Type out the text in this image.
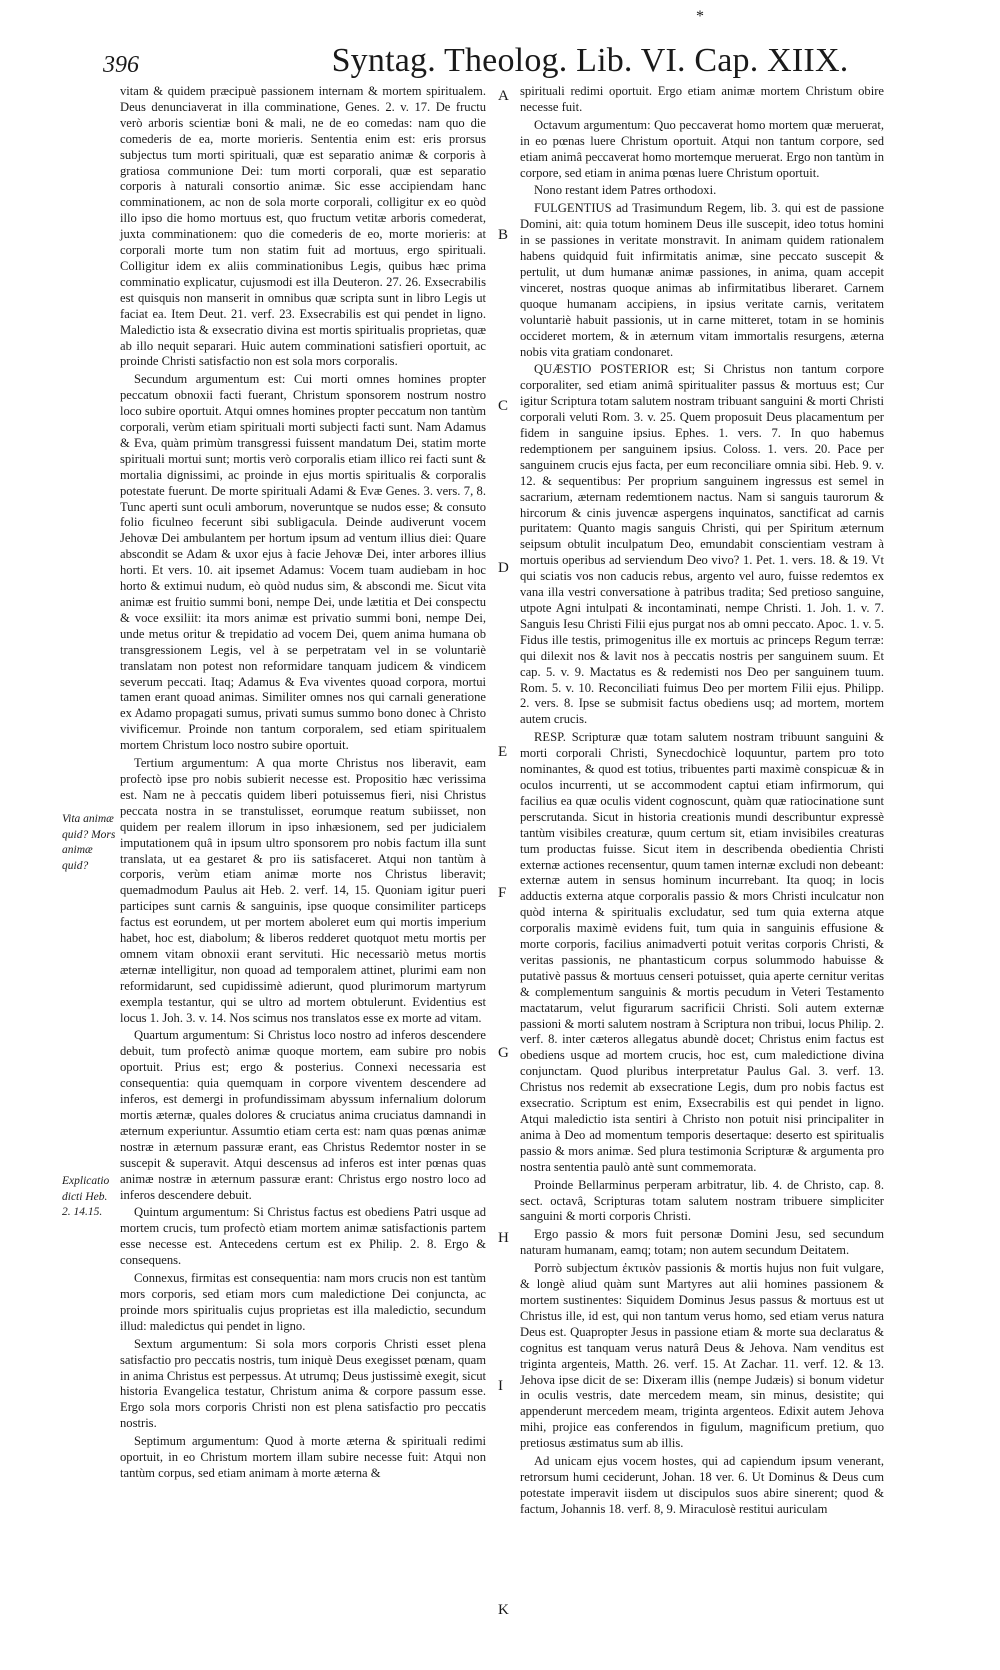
*
396	Syntag. Theolog. Lib. VI. Cap. XIIX.
Vita animæ quid? Mors animæ quid?
Explicatio dicti Heb. 2. 14.15.
A
B
C
D
E
F
G
H
I
K

vitam & quidem præcipuè passionem internam & mortem spiritualem. Deus denunciaverat in illa comminatione, Genes. 2. v. 17. De fructu verò arboris scientiæ boni & mali, ne de eo comedas: nam quo die comederis de ea, morte morieris. Sententia enim est: eris prorsus subjectus tum morti spirituali, quæ est separatio animæ & corporis à gratiosa communione Dei: tum morti corporali, quæ est separatio corporis à naturali consortio animæ. Sic esse accipiendam hanc comminationem, ac non de sola morte corporali, colligitur ex eo quòd illo ipso die homo mortuus est, quo fructum vetitæ arboris comederat, juxta comminationem: quo die comederis de eo, morte morieris: at corporali morte tum non statim fuit ad mortuus, ergo spirituali. Colligitur idem ex aliis comminationibus Legis, quibus hæc prima comminatio explicatur, cujusmodi est illa Deuteron. 27. 26. Exsecrabilis est quisquis non manserit in omnibus quæ scripta sunt in libro Legis ut faciat ea. Item Deut. 21. verf. 23. Exsecrabilis est qui pendet in ligno. Maledictio ista & exsecratio divina est mortis spiritualis proprietas, quæ ab illo nequit separari. Huic autem comminationi satisfieri oportuit, ac proinde Christi satisfactio non est sola mors corporalis.

Secundum argumentum est: Cui morti omnes homines propter peccatum obnoxii facti fuerant, Christum sponsorem nostrum nostro loco subire oportuit. Atqui omnes homines propter peccatum non tantùm corporali, verùm etiam spirituali morti subjecti facti sunt. Nam Adamus & Eva, quàm primùm transgressi fuissent mandatum Dei, statim morte spirituali mortui sunt; mortis verò corporalis etiam illico rei facti sunt & mortalia dignissimi, ac proinde in ejus mortis spiritualis & corporalis potestate fuerunt. De morte spirituali Adami & Evæ Genes. 3. vers. 7, 8. Tunc aperti sunt oculi amborum, noveruntque se nudos esse; & consuto folio ficulneo fecerunt sibi subligacula. Deinde audiverunt vocem Jehovæ Dei ambulantem per hortum ipsum ad ventum illius diei: Quare abscondit se Adam & uxor ejus à facie Jehovæ Dei, inter arbores illius horti. Et vers. 10. ait ipsemet Adamus: Vocem tuam audiebam in hoc horto & extimui nudum, eò quòd nudus sim, & abscondi me. Sicut vita animæ est fruitio summi boni, nempe Dei, unde lætitia et Dei conspectu & voce exsiliit: ita mors animæ est privatio summi boni, nempe Dei, unde metus oritur & trepidatio ad vocem Dei, quem anima humana ob transgressionem Legis, vel à se perpetratam vel in se voluntariè translatam non potest non reformidare tanquam judicem & vindicem severum peccati. Itaq; Adamus & Eva viventes quoad corpora, mortui tamen erant quoad animas. Similiter omnes nos qui carnali generatione ex Adamo propagati sumus, privati sumus summo bono donec à Christo vivificemur. Proinde non tantum corporalem, sed etiam spiritualem mortem Christum loco nostro subire oportuit.

Tertium argumentum: A qua morte Christus nos liberavit, eam profectò ipse pro nobis subierit necesse est. Propositio hæc verissima est. Nam ne à peccatis quidem liberi potuissemus fieri, nisi Christus peccata nostra in se transtulisset, eorumque reatum subiisset, non quidem per realem illorum in ipso inhæsionem, sed per judicialem imputationem quâ in ipsum ultro sponsorem pro nobis factum illa sunt translata, ut ea gestaret & pro iis satisfaceret. Atqui non tantùm à corporis, verùm etiam animæ morte nos Christus liberavit; quemadmodum Paulus ait Heb. 2. verf. 14, 15. Quoniam igitur pueri participes sunt carnis & sanguinis, ipse quoque consimiliter particeps factus est eorundem, ut per mortem aboleret eum qui mortis imperium habet, hoc est, diabolum; & liberos redderet quotquot metu mortis per omnem vitam obnoxii erant servituti. Hic necessariò metus mortis æternæ intelligitur, non quoad ad temporalem attinet, plurimi eam non reformidarunt, sed cupidissimè adierunt, quod plurimorum martyrum exempla testantur, qui se ultro ad mortem obtulerunt. Evidentius est locus 1. Joh. 3. v. 14. Nos scimus nos translatos esse ex morte ad vitam.

Quartum argumentum: Si Christus loco nostro ad inferos descendere debuit, tum profectò animæ quoque mortem, eam subire pro nobis oportuit. Prius est; ergo & posterius. Connexi necessaria est consequentia: quia quemquam in corpore viventem descendere ad inferos, est demergi in profundissimam abyssum infernalium dolorum mortis æternæ, quales dolores & cruciatus anima cruciatus damnandi in æternum experiuntur. Assumtio etiam certa est: nam quas pœnas animæ nostræ in æternum passuræ erant, eas Christus Redemtor noster in se suscepit & superavit. Atqui descensus ad inferos est inter pœnas quas animæ nostræ in æternum passuræ erant: Christus ergo nostro loco ad inferos descendere debuit.

Quintum argumentum: Si Christus factus est obediens Patri usque ad mortem crucis, tum profectò etiam mortem animæ satisfactionis partem esse necesse est. Antecedens certum est ex Philip. 2. 8. Ergo & consequens.

Connexus, firmitas est consequentia: nam mors crucis non est tantùm mors corporis, sed etiam mors cum maledictione Dei conjuncta, ac proinde mors spiritualis cujus proprietas est illa maledictio, secundum illud: maledictus qui pendet in ligno.

Sextum argumentum: Si sola mors corporis Christi esset plena satisfactio pro peccatis nostris, tum iniquè Deus exegisset pœnam, quam in anima Christus est perpessus. At utrumq; Deus justissimè exegit, sicut historia Evangelica testatur, Christum anima & corpore passum esse. Ergo sola mors corporis Christi non est plena satisfactio pro peccatis nostris.

Septimum argumentum: Quod à morte æterna & spirituali redimi oportuit, in eo Christum mortem illam subire necesse fuit: Atqui non tantùm corpus, sed etiam animam à morte æterna &

spirituali redimi oportuit. Ergo etiam animæ mortem Christum obire necesse fuit.

Octavum argumentum: Quo peccaverat homo mortem quæ meruerat, in eo pœnas luere Christum oportuit. Atqui non tantum corpore, sed etiam animâ peccaverat homo mortemque meruerat. Ergo non tantùm in corpore, sed etiam in anima pœnas luere Christum oportuit.

Nono restant idem Patres orthodoxi.

FULGENTIUS ad Trasimundum Regem, lib. 3. qui est de passione Domini, ait: quia totum hominem Deus ille suscepit, ideo totus homini in se passiones in veritate monstravit. In animam quidem rationalem habens quidquid fuit infirmitatis animæ, sine peccato suscepit & pertulit, ut dum humanæ animæ passiones, in anima, quam accepit vinceret, nostras quoque animas ab infirmitatibus liberaret. Carnem quoque humanam accipiens, in ipsius veritate carnis, veritatem voluntariè habuit passionis, ut in carne mitteret, totam in se hominis occideret mortem, & in æternum vitam immortalis resurgens, æterna nobis vita gratiam condonaret.

QUÆSTIO POSTERIOR est; Si Christus non tantum corpore corporaliter, sed etiam animâ spiritualiter passus & mortuus est; Cur igitur Scriptura totam salutem nostram tribuant sanguini & morti Christi corporali veluti Rom. 3. v. 25. Quem proposuit Deus placamentum per fidem in sanguine ipsius. Ephes. 1. vers. 7. In quo habemus redemptionem per sanguinem ipsius. Coloss. 1. vers. 20. Pace per sanguinem crucis ejus facta, per eum reconciliare omnia sibi. Heb. 9. v. 12. & sequentibus: Per proprium sanguinem ingressus est semel in sacrarium, æternam redemtionem nactus. Nam si sanguis taurorum & hircorum & cinis juvencæ aspergens inquinatos, sanctificat ad carnis puritatem: Quanto magis sanguis Christi, qui per Spiritum æternum seipsum obtulit inculpatum Deo, emundabit conscientiam vestram à mortuis operibus ad serviendum Deo vivo? 1. Pet. 1. vers. 18. & 19. Vt qui sciatis vos non caducis rebus, argento vel auro, fuisse redemtos ex vana illa vestri conversatione à patribus tradita; Sed pretioso sanguine, utpote Agni intulpati & incontaminati, nempe Christi. 1. Joh. 1. v. 7. Sanguis Iesu Christi Filii ejus purgat nos ab omni peccato. Apoc. 1. v. 5. Fidus ille testis, primogenitus ille ex mortuis ac princeps Regum terræ: qui dilexit nos & lavit nos à peccatis nostris per sanguinem suum. Et cap. 5. v. 9. Mactatus es & redemisti nos Deo per sanguinem tuum. Rom. 5. v. 10. Reconciliati fuimus Deo per mortem Filii ejus. Philipp. 2. vers. 8. Ipse se submisit factus obediens usq; ad mortem, mortem autem crucis.

RESP. Scripturæ quæ totam salutem nostram tribuunt sanguini & morti corporali Christi, Synecdochicè loquuntur, partem pro toto nominantes, & quod est totius, tribuentes parti maximè conspicuæ & in oculos incurrenti, ut se accommodent captui etiam infirmorum, qui facilius ea quæ oculis vident cognoscunt, quàm quæ ratiocinatione sunt perscrutanda. Sicut in historia creationis mundi describuntur expressè tantùm visibiles creaturæ, quum certum sit, etiam invisibiles creaturas tum productas fuisse. Sicut item in describenda obedientia Christi externæ actiones recensentur, quum tamen internæ excludi non debeant: externæ autem in sensus hominum incurrebant. Ita quoq; in locis adductis externa atque corporalis passio & mors Christi inculcatur non quòd interna & spiritualis excludatur, sed tum quia externa atque corporalis maximè evidens fuit, tum quia in sanguinis effusione & morte corporis, facilius animadverti potuit veritas corporis Christi, & veritas passionis, ne phantasticum corpus solummodo habuisse & putativè passus & mortuus censeri potuisset, quia aperte cernitur veritas & complementum sanguinis & mortis pecudum in Veteri Testamento mactatarum, velut figurarum sacrificii Christi. Soli autem externæ passioni & morti salutem nostram à Scriptura non tribui, locus Philip. 2. verf. 8. inter cæteros allegatus abundè docet; Christus enim factus est obediens usque ad mortem crucis, hoc est, cum maledictione divina conjunctam. Quod pluribus interpretatur Paulus Gal. 3. verf. 13. Christus nos redemit ab exsecratione Legis, dum pro nobis factus est exsecratio. Scriptum est enim, Exsecrabilis est qui pendet in ligno. Atqui maledictio ista sentiri à Christo non potuit nisi principaliter in anima à Deo ad momentum temporis desertaque: deserto est spiritualis passio & mors animæ. Sed plura testimonia Scripturæ & argumenta pro nostra sententia paulò antè sunt commemorata.

Proinde Bellarminus perperam arbitratur, lib. 4. de Christo, cap. 8. sect. octavâ, Scripturas totam salutem nostram tribuere simpliciter sanguini & morti corporis Christi.

Ergo passio & mors fuit personæ Domini Jesu, sed secundum naturam humanam, eamq; totam; non autem secundum Deitatem.

Porrò subjectum ἐκτικὸν passionis & mortis hujus non fuit vulgare, & longè aliud quàm sunt Martyres aut alii homines passionem & mortem sustinentes: Siquidem Dominus Jesus passus & mortuus est ut Christus ille, id est, qui non tantum verus homo, sed etiam verus natura Deus est. Quapropter Jesus in passione etiam & morte sua declaratus & cognitus est tanquam verus naturâ Deus & Jehova. Nam venditus est triginta argenteis, Matth. 26. verf. 15. At Zachar. 11. verf. 12. & 13. Jehova ipse dicit de se: Dixeram illis (nempe Judæis) si bonum videtur in oculis vestris, date mercedem meam, sin minus, desistite; qui appenderunt mercedem meam, triginta argenteos. Edixit autem Jehova mihi, projice eas conferendos in figulum, magnificum pretium, quo pretiosus æstimatus sum ab illis.

Ad unicam ejus vocem hostes, qui ad capiendum ipsum venerant, retrorsum humi ceciderunt, Johan. 18 ver. 6. Ut Dominus & Deus cum potestate imperavit iisdem ut discipulos suos abire sinerent; quod & factum, Johannis 18. verf. 8, 9. Miraculosè restitui auriculam
